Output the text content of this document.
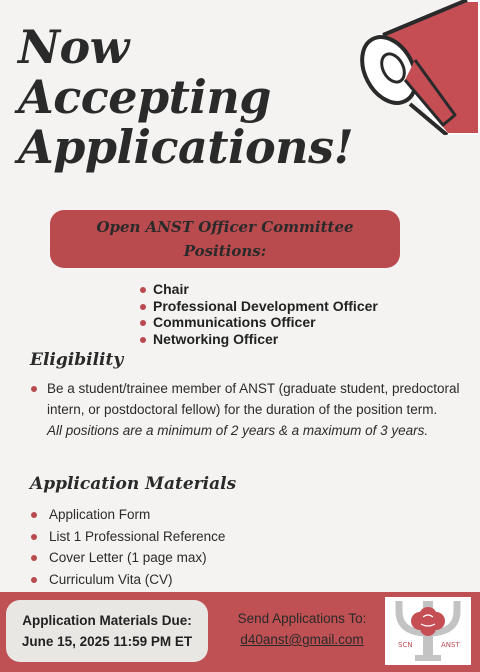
Now
Accepting
Applications!
Open ANST Officer Committee Positions:
Chair
Professional Development Officer
Communications Officer
Networking Officer
Eligibility
Be a student/trainee member of ANST (graduate student, predoctoral intern, or postdoctoral fellow) for the duration of the position term.
All positions are a minimum of 2 years & a maximum of 3 years.
Application Materials
Application Form
List 1 Professional Reference
Cover Letter (1 page max)
Curriculum Vita (CV)
Application Materials Due:
June 15, 2025 11:59 PM ET
Send Applications To:
d40anst@gmail.com	SCN	ANST
